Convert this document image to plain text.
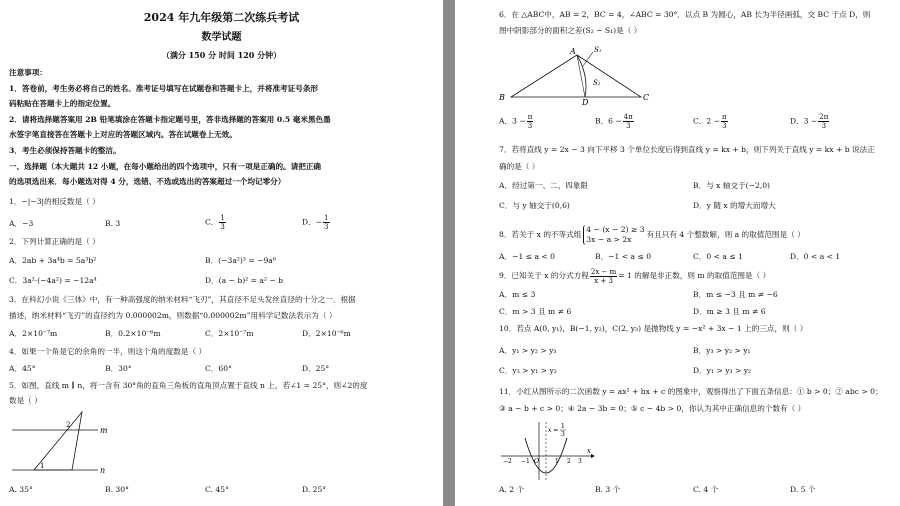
2024 年九年级第二次练兵考试
数学试题
（满分 150 分 时间 120 分钟）
注意事项：
1．答卷前，考生务必将自己的姓名、准考证号填写在试题卷和答题卡上，并将准考证号条形
码粘贴在答题卡上的指定位置。
2．请将选择题答案用 2B 铅笔填涂在答题卡指定题号里，答非选择题的答案用 0.5 毫米黑色墨
水签字笔直接答在答题卡上对应的答题区域内。答在试题卷上无效。
3．考生必须保持答题卡的整洁。
一、选择题（本大题共 12 小题，在每小题给出的四个选项中，只有一项是正确的。请把正确
的选项选出来．每小题选对得 4 分，选错、不选或选出的答案超过一个均记零分）
1．−|−3|的相反数是（ ）
A．−3	B. 3	C． $\frac{1}{3}$	D．− $\frac{1}{3}$
2．下列计算正确的是（ ）
A．2ab + 3a⁴b = 5a³b²	B．(−3a²)³ = −9a⁶
C．3a²·(−4a²) = −12a⁴	D．(a − b)² = a² − b
3．在科幻小说《三体》中，有一种高强度的纳米材料“飞刃”，其直径不足头发丝直径的十分之一．根据
描述，纳米材料“飞刃”的直径约为 0.000002m，则数据“0.000002m”用科学记数法表示为（ ）
A．2×10⁻⁷m	B．0.2×10⁻⁶m	C．2×10⁻⁷m	D．2×10⁻⁶m
4．如果一个角是它的余角的一半，则这个角的度数是（ ）
A．45°	B．30°	C．60°	D．25°
5．如图，直线 m ∥ n，将一含有 30°角的直角三角板的直角顶点置于直线 n 上，若∠1 = 25°，则∠2的度
数是（ ）
m
n
2
1
A. 35°	B. 30°	C. 45°	D. 25°
6．在 △ABC中，AB = 2，BC = 4，∠ABC = 30°．以点 B 为圆心，AB 长为半径画弧，交 BC 于点 D，则
图中阴影部分的面积之差(S₂ − S₁)是（ ）
A
B	C
D
S₁
S₂
A．$3 - \frac{\pi}{3}$	B．$6 - \frac{4\pi}{3}$	C．$2 - \frac{\pi}{3}$	D．$3 - \frac{2\pi}{3}$
7．若将直线 y = 2x − 3 向下平移 3 个单位长度后得到直线 y = kx + b，则下列关于直线 y = kx + b 说法正
确的是（ ）
A．经过第一、二、四象限	B．与 x 轴交于(−2,0)
C．与 y 轴交于(0,6)	D．y 随 x 的增大而增大
8．若关于 x 的不等式组
4 − (x − 2) ≥ 3
3x − a > 2x
有且只有 4 个整数解，则 a 的取值范围是（ ）
A．−1 ≤ a < 0	B．−1 < a ≤ 0	C．0 < a ≤ 1	D．0 < a < 1
9．已知关于 x 的分式方程 $\frac{2x - m}{x + 3} = 1$ 的解是非正数，则 m 的取值范围是（ ）
A．m ≤ 3	B．m ≤ −3 且 m ≠ −6
C．m > 3 且 m ≠ 6	D．m ≥ 3 且 m ≠ 6
10．若点 A(0, y₁)，B(−1, y₂)，C(2, y₃) 是抛物线 y = −x² + 3x − 1 上的三点，则（ ）
A．y₁ > y₂ > y₃	B．y₃ > y₂ > y₁
C．y₃ > y₁ > y₂	D．y₁ > y₃ > y₂
11．小红从图所示的二次函数 y = ax² + bx + c 的图象中，观察得出了下面五条信息：① b > 0；② abc > 0；
③ a − b + c > 0；④ 2a − 3b = 0；⑤ c − 4b > 0，你认为其中正确信息的个数有（ ）
x
x =
1
3
−2 −1 O	1 2 3
A. 2 个	B. 3 个	C. 4 个	D. 5 个
